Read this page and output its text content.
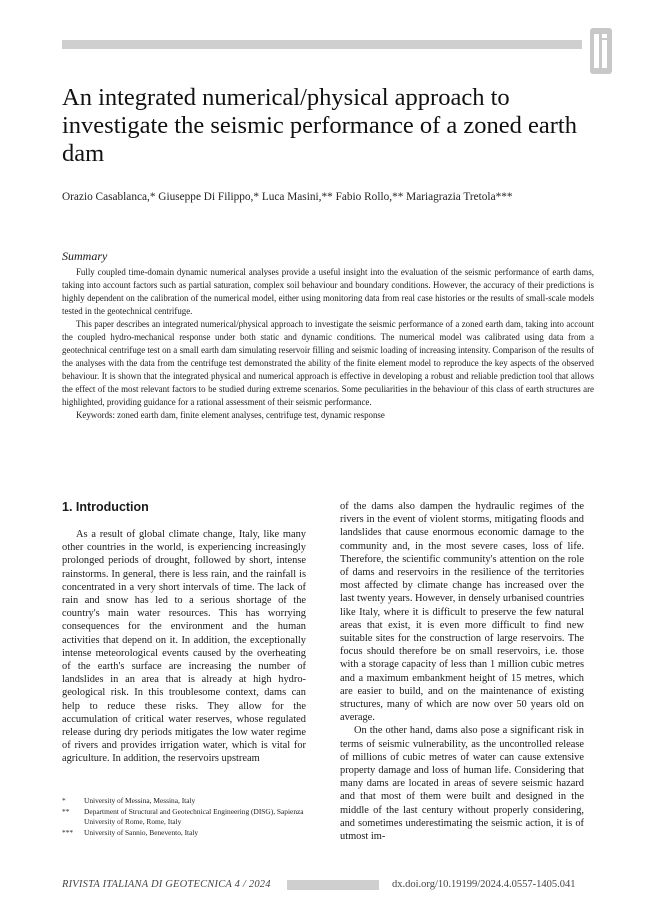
An integrated numerical/physical approach to investigate the seismic performance of a zoned earth dam
Orazio Casablanca,* Giuseppe Di Filippo,* Luca Masini,** Fabio Rollo,** Mariagrazia Tretola***
Summary

Fully coupled time-domain dynamic numerical analyses provide a useful insight into the evaluation of the seismic performance of earth dams, taking into account factors such as partial saturation, complex soil behaviour and boundary conditions. However, the accuracy of their predictions is highly dependent on the calibration of the numerical model, either using monitoring data from real case histories or the results of small-scale models tested in the geotechnical centrifuge.

This paper describes an integrated numerical/physical approach to investigate the seismic performance of a zoned earth dam, taking into account the coupled hydro-mechanical response under both static and dynamic conditions. The numerical model was calibrated using data from a geotechnical centrifuge test on a small earth dam simulating reservoir filling and seismic loading of increasing intensity. Comparison of the results of the analyses with the data from the centrifuge test demonstrated the ability of the finite element model to reproduce the key aspects of the observed behaviour. It is shown that the integrated physical and numerical approach is effective in developing a robust and reliable prediction tool that allows the effect of the most relevant factors to be studied during extreme scenarios. Some peculiarities in the behaviour of this class of earth structures are highlighted, providing guidance for a rational assessment of their seismic performance.

Keywords: zoned earth dam, finite element analyses, centrifuge test, dynamic response

1. Introduction

As a result of global climate change, Italy, like many other countries in the world, is experiencing increasingly prolonged periods of drought, followed by short, intense rainstorms. In general, there is less rain, and the rainfall is concentrated in a very short intervals of time. The lack of rain and snow has led to a serious shortage of the country's main water resources. This has worrying consequences for the environment and the human activities that depend on it. In addition, the exceptionally intense meteorological events caused by the overheating of the earth's surface are increasing the number of landslides in an area that is already at high hydro-geological risk. In this troublesome context, dams can help to reduce these risks. They allow for the accumulation of critical water reserves, whose regulated release during dry periods mitigates the low water regime of rivers and provides irrigation water, which is vital for agriculture. In addition, the reservoirs upstream

of the dams also dampen the hydraulic regimes of the rivers in the event of violent storms, mitigating floods and landslides that cause enormous economic damage to the community and, in the most severe cases, loss of life. Therefore, the scientific community's attention on the role of dams and reservoirs in the resilience of the territories most affected by climate change has increased over the last twenty years. However, in densely urbanised countries like Italy, where it is difficult to preserve the few natural areas that exist, it is even more difficult to find new suitable sites for the construction of large reservoirs. The focus should therefore be on small reservoirs, i.e. those with a storage capacity of less than 1 million cubic metres and a maximum embankment height of 15 metres, which are easier to build, and on the maintenance of existing structures, many of which are now over 50 years old on average.

On the other hand, dams also pose a significant risk in terms of seismic vulnerability, as the uncontrolled release of millions of cubic metres of water can cause extensive property damage and loss of human life. Considering that many dams are located in areas of severe seismic hazard and that most of them were built and designed in the middle of the last century without properly considering, and sometimes underestimating the seismic action, it is of utmost im-

*	University of Messina, Messina, Italy
**	Department of Structural and Geotechnical Engineering (DISG), Sapienza University of Rome, Rome, Italy
***	University of Sannio, Benevento, Italy
RIVISTA ITALIANA DI GEOTECNICA 4 / 2024	dx.doi.org/10.19199/2024.4.0557-1405.041
